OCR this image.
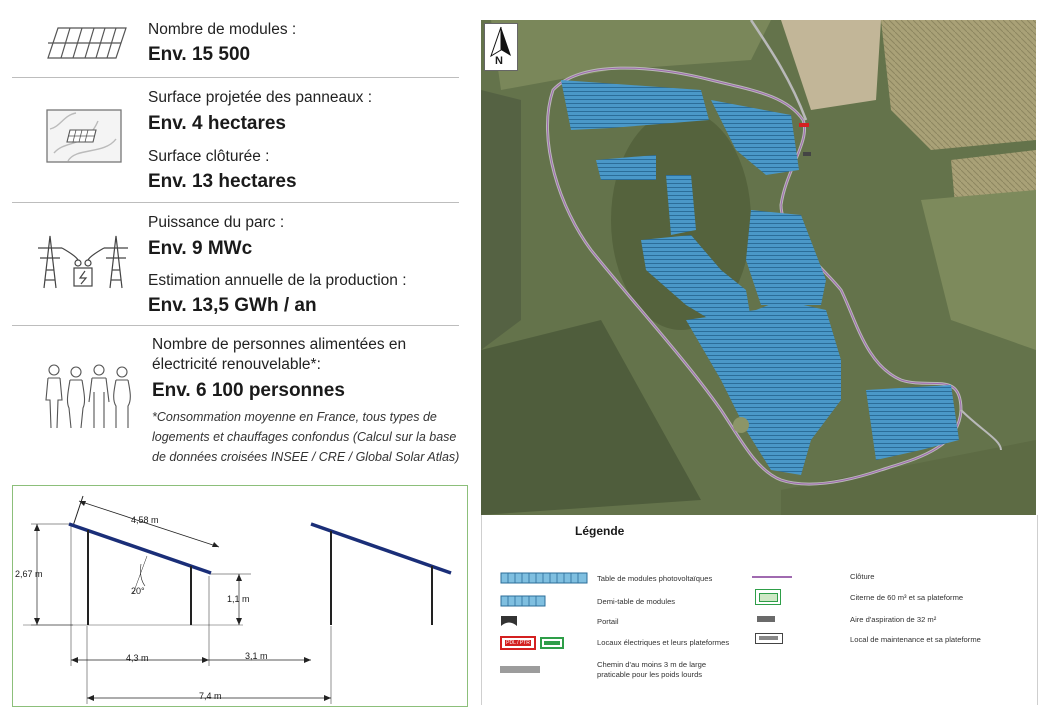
Nombre de modules :
Env. 15 500
Surface projetée des panneaux :
Env. 4 hectares
Surface clôturée :
Env. 13 hectares
Puissance du parc :
Env. 9 MWc
Estimation annuelle de la production :
Env. 13,5 GWh / an
Nombre de personnes alimentées en
électricité renouvelable*:
Env. 6 100 personnes
*Consommation moyenne en France, tous types de
logements et chauffages confondus (Calcul sur la base
de données croisées INSEE / CRE / Global Solar Atlas)
4,58 m
2,67 m
20°
1,1 m
4,3 m	3,1 m
7,4 m
N
Légende
Table de modules photovoltaïques
Demi-table de modules
Portail
PDL / PTR	Locaux électriques et leurs plateformes
Chemin d'au moins 3 m de large
praticable pour les poids lourds
Clôture
Citerne de 60 m³ et sa plateforme
Aire d'aspiration de 32 m²
Local de maintenance et sa plateforme
